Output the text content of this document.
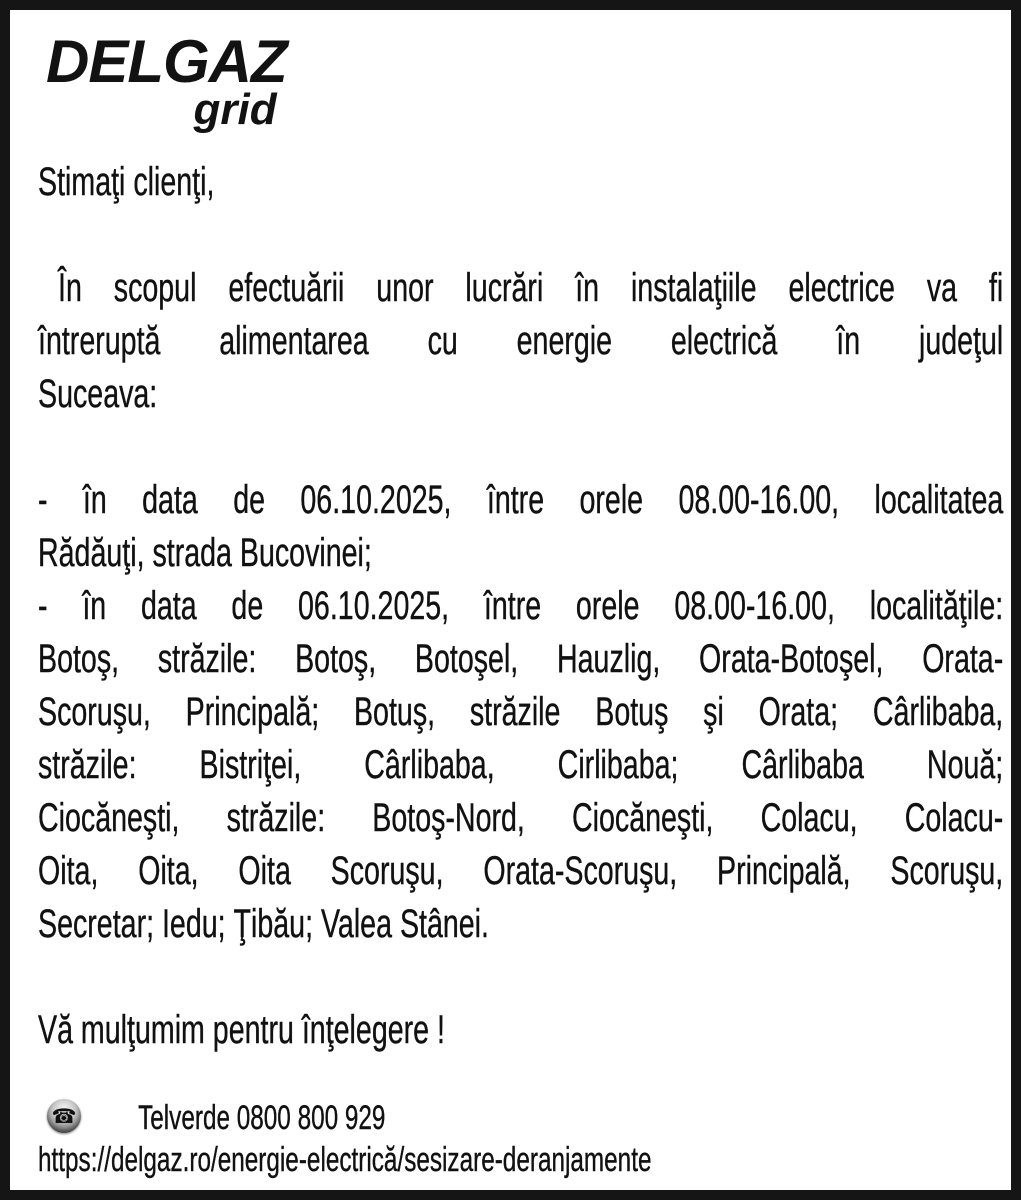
DELGAZ
grid
Stimaţi clienţi,
În scopul efectuării unor lucrări în instalaţiile electrice va fi
întreruptă alimentarea cu energie electrică în judeţul
Suceava:
- în data de 06.10.2025, între orele 08.00-16.00, localitatea
Rădăuţi, strada Bucovinei;
- în data de 06.10.2025, între orele 08.00-16.00, localităţile:
Botoş, străzile: Botoş, Botoşel, Hauzlig, Orata-Botoşel, Orata-
Scoruşu, Principală; Botuş, străzile Botuş şi Orata; Cârlibaba,
străzile: Bistriţei, Cârlibaba, Cirlibaba; Cârlibaba Nouă;
Ciocăneşti, străzile: Botoş-Nord, Ciocăneşti, Colacu, Colacu-
Oita, Oita, Oita Scoruşu, Orata-Scoruşu, Principală, Scoruşu,
Secretar; Iedu; Ţibău; Valea Stânei.
Vă mulţumim pentru înţelegere !
Telverde 0800 800 929
https://delgaz.ro/energie-electrică/sesizare-deranjamente
☎
